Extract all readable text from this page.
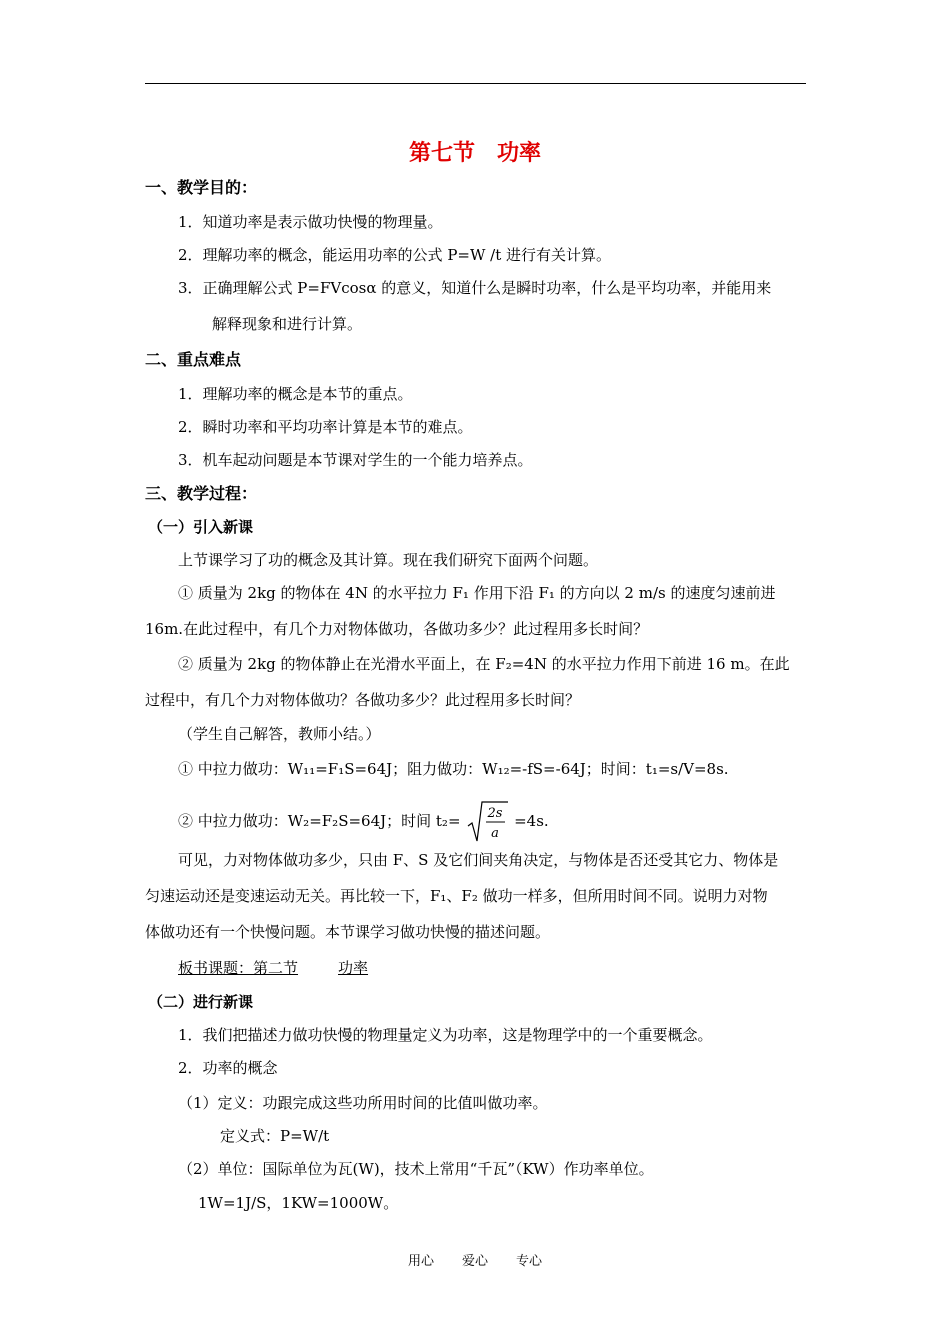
第七节 功率
一、教学目的：
1．知道功率是表示做功快慢的物理量。
2．理解功率的概念，能运用功率的公式 P=W /t 进行有关计算。
3．正确理解公式 P=FVcosα 的意义，知道什么是瞬时功率，什么是平均功率，并能用来
解释现象和进行计算。
二、重点难点
1．理解功率的概念是本节的重点。
2．瞬时功率和平均功率计算是本节的难点。
3．机车起动问题是本节课对学生的一个能力培养点。
三、教学过程：
（一）引入新课
上节课学习了功的概念及其计算。现在我们研究下面两个问题。
① 质量为 2kg 的物体在 4N 的水平拉力 F₁ 作用下沿 F₁ 的方向以 2 m/s 的速度匀速前进
16m.在此过程中，有几个力对物体做功，各做功多少？此过程用多长时间？
② 质量为 2kg 的物体静止在光滑水平面上，在 F₂=4N 的水平拉力作用下前进 16 m。在此
过程中，有几个力对物体做功？各做功多少？此过程用多长时间？
（学生自己解答，教师小结。）
① 中拉力做功：W₁₁=F₁S=64J；阻力做功：W₁₂=-fS=-64J；时间：t₁=s/V=8s.
② 中拉力做功：W₂=F₂S=64J；时间 t₂= 2s
a
=4s.
可见，力对物体做功多少，只由 F、S 及它们间夹角决定，与物体是否还受其它力、物体是
匀速运动还是变速运动无关。再比较一下，F₁、F₂ 做功一样多，但所用时间不同。说明力对物
体做功还有一个快慢问题。本节课学习做功快慢的描述问题。
板书课题：第二节	功率
（二）进行新课
1．我们把描述力做功快慢的物理量定义为功率，这是物理学中的一个重要概念。
2．功率的概念
（1）定义：功跟完成这些功所用时间的比值叫做功率。
定义式：P=W/t
（2）单位：国际单位为瓦(W)，技术上常用“千瓦”（KW）作功率单位。
1W=1J/S，1KW=1000W。
用心 爱心 专心
